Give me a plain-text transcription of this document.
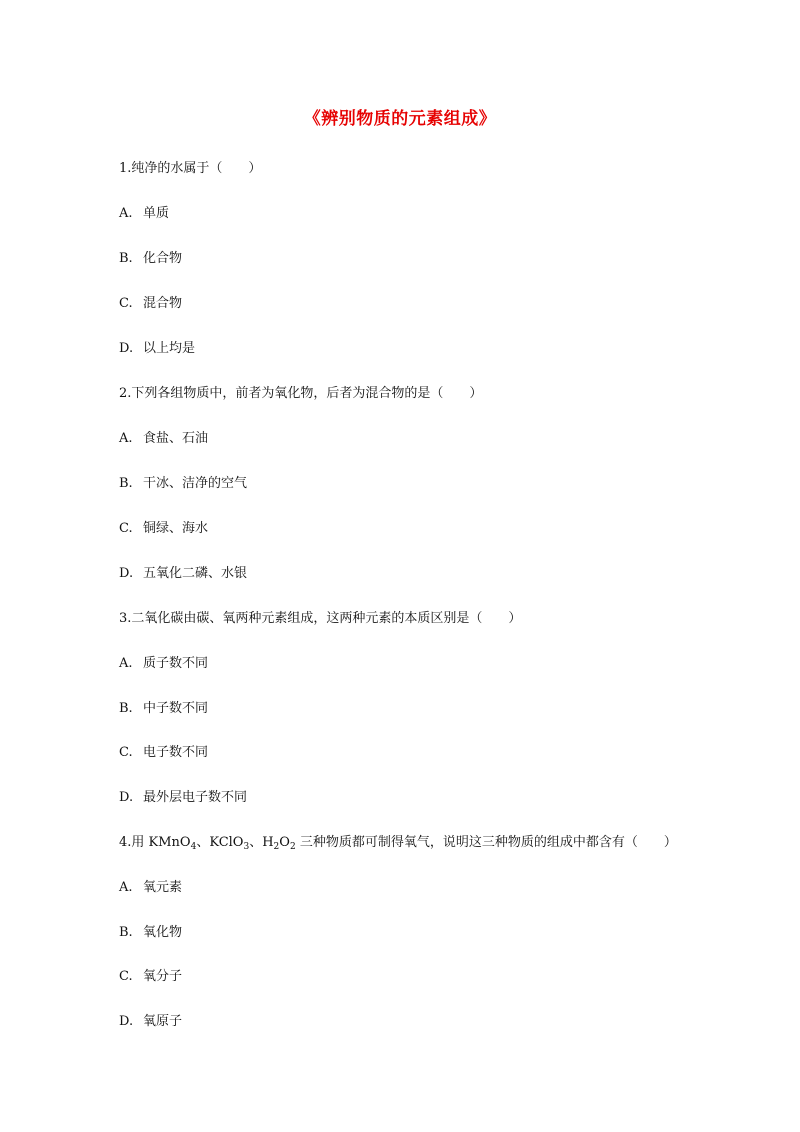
《辨别物质的元素组成》
1.纯净的水属于（　　）
A. 单质
B. 化合物
C. 混合物
D. 以上均是
2.下列各组物质中，前者为氧化物，后者为混合物的是（　　）
A. 食盐、石油
B. 干冰、洁净的空气
C. 铜绿、海水
D. 五氧化二磷、水银
3.二氧化碳由碳、氧两种元素组成，这两种元素的本质区别是（　　）
A. 质子数不同
B. 中子数不同
C. 电子数不同
D. 最外层电子数不同
4.用 KMnO$_4$、KClO$_3$、$H_2O_2$ 三种物质都可制得氧气，说明这三种物质的组成中都含有（　　）
A. 氧元素
B. 氧化物
C. 氧分子
D. 氧原子
